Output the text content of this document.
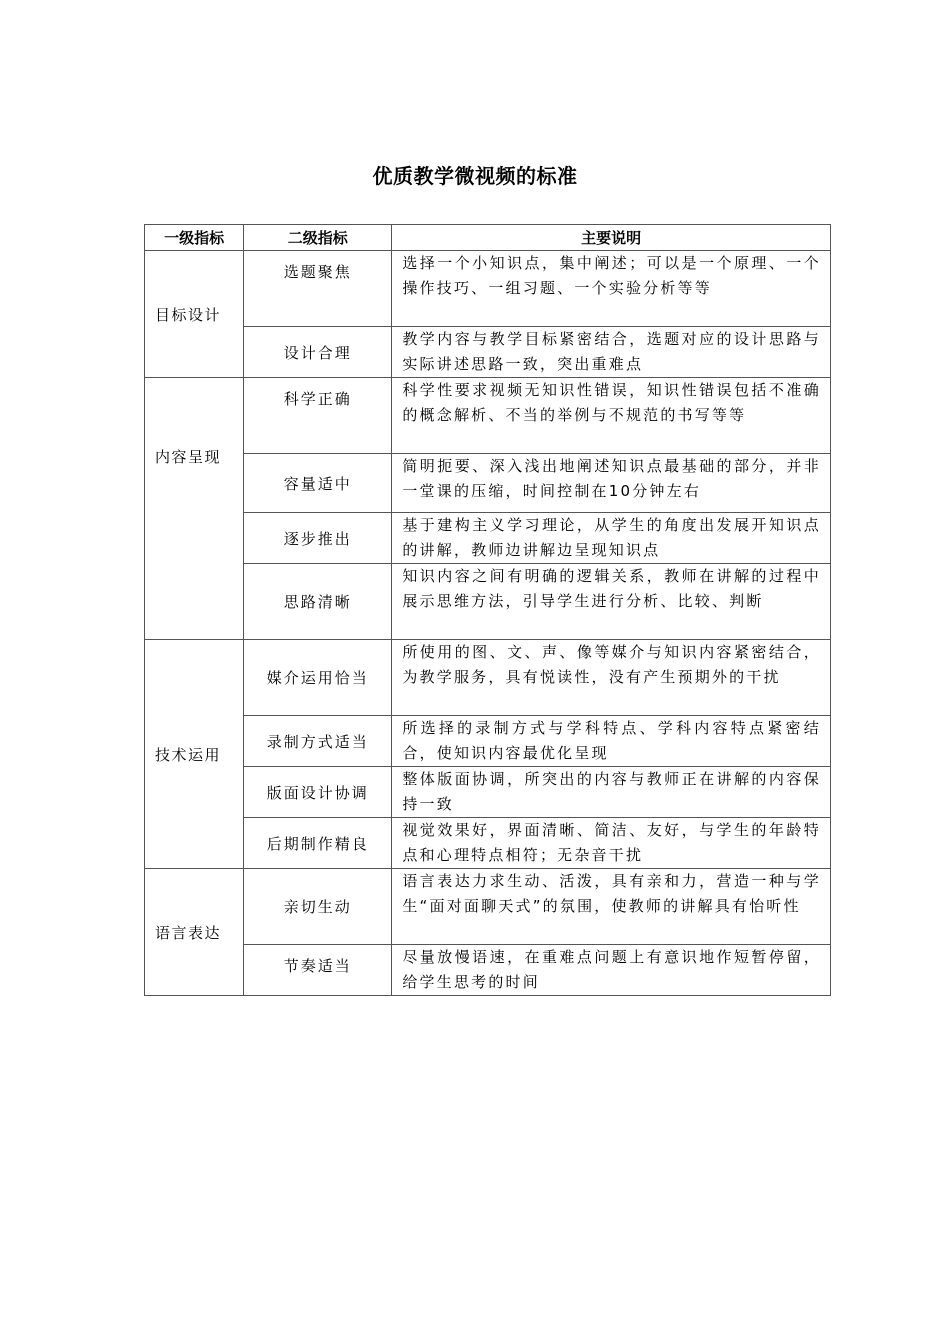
优质教学微视频的标准
一级指标	二级指标	主要说明
目标设计	选题聚焦	选择一个小知识点，集中阐述；可以是一个原理、一个操作技巧、一组习题、一个实验分析等等
	设计合理	教学内容与教学目标紧密结合，选题对应的设计思路与实际讲述思路一致，突出重难点
内容呈现	科学正确	科学性要求视频无知识性错误，知识性错误包括不准确的概念解析、不当的举例与不规范的书写等等
	容量适中	简明扼要、深入浅出地阐述知识点最基础的部分，并非一堂课的压缩，时间控制在10分钟左右
	逐步推出	基于建构主义学习理论，从学生的角度出发展开知识点的讲解，教师边讲解边呈现知识点
	思路清晰	知识内容之间有明确的逻辑关系，教师在讲解的过程中展示思维方法，引导学生进行分析、比较、判断
技术运用	媒介运用恰当	所使用的图、文、声、像等媒介与知识内容紧密结合，为教学服务，具有悦读性，没有产生预期外的干扰
	录制方式适当	所选择的录制方式与学科特点、学科内容特点紧密结合，使知识内容最优化呈现
	版面设计协调	整体版面协调，所突出的内容与教师正在讲解的内容保持一致
	后期制作精良	视觉效果好，界面清晰、简洁、友好，与学生的年龄特点和心理特点相符；无杂音干扰
语言表达	亲切生动	语言表达力求生动、活泼，具有亲和力，营造一种与学生“面对面聊天式”的氛围，使教师的讲解具有怡听性
	节奏适当	尽量放慢语速，在重难点问题上有意识地作短暂停留，给学生思考的时间
